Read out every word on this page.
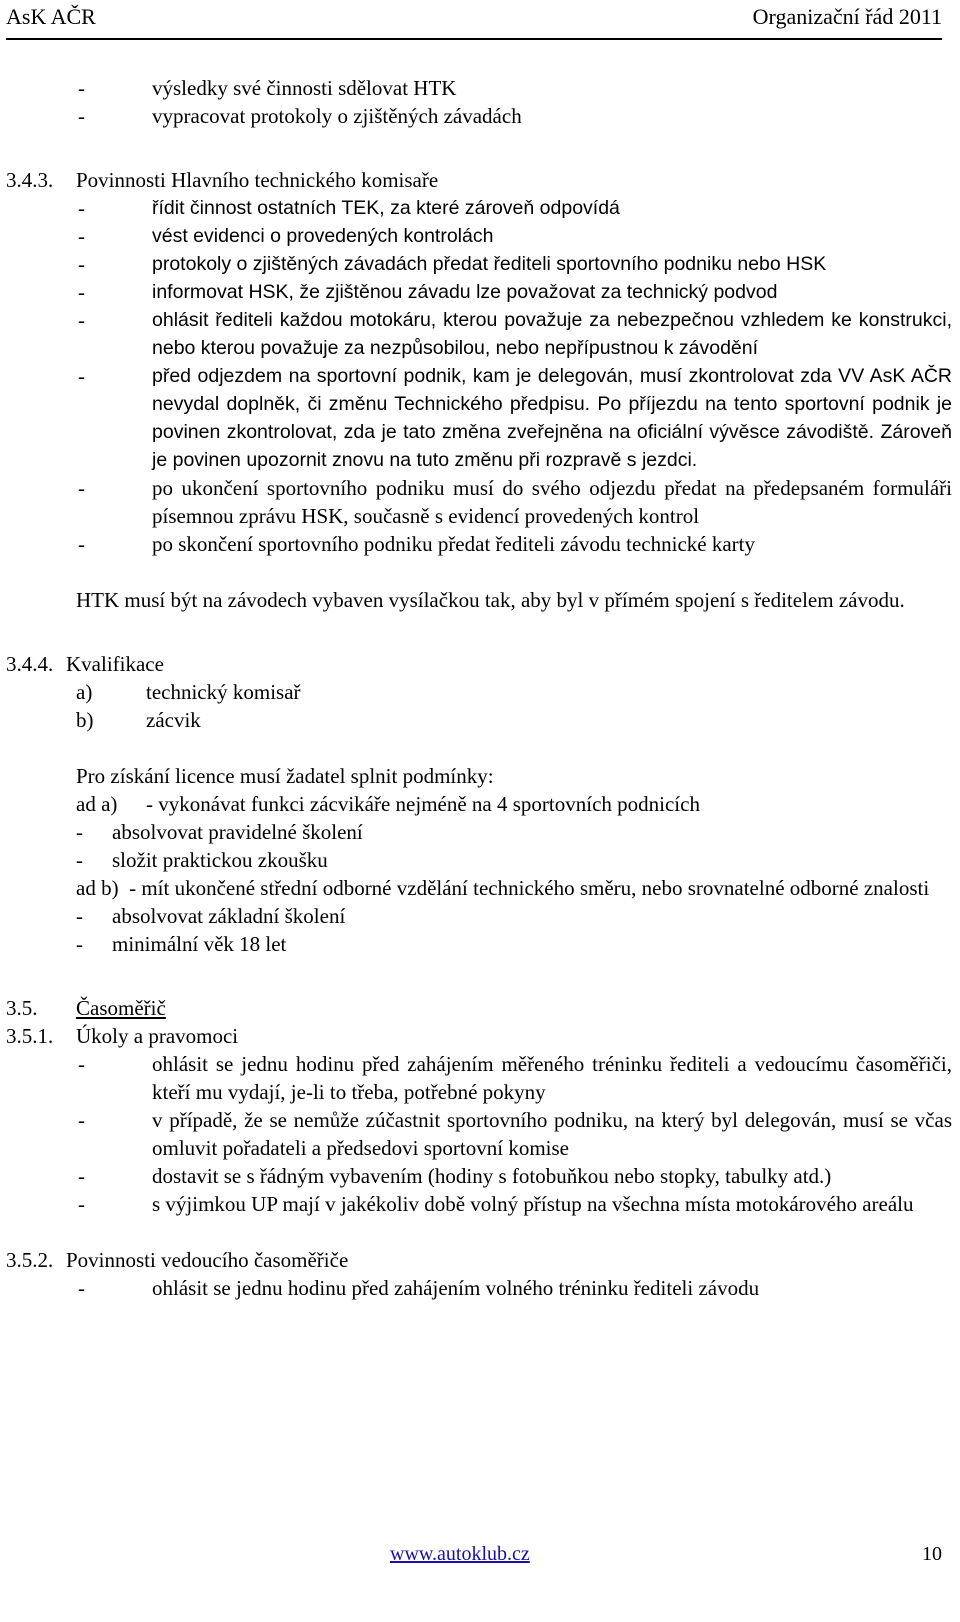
AsK AČR	Organizační řád 2011
-	výsledky své činnosti sdělovat HTK
-	vypracovat protokoly o zjištěných závadách
3.4.3. Povinnosti Hlavního technického komisaře
-	řídit činnost ostatních TEK, za které zároveň odpovídá
-	vést evidenci o provedených kontrolách
-	protokoly o zjištěných závadách předat řediteli sportovního podniku nebo HSK
-	informovat HSK, že zjištěnou závadu lze považovat za technický podvod
-	ohlásit řediteli každou motokáru, kterou považuje za nebezpečnou vzhledem ke konstrukci, nebo kterou považuje za nezpůsobilou, nebo nepřípustnou k závodění
-	před odjezdem na sportovní podnik, kam je delegován, musí zkontrolovat zda VV AsK AČR nevydal doplněk, či změnu Technického předpisu. Po příjezdu na tento sportovní podnik je povinen zkontrolovat, zda je tato změna zveřejněna na oficiální vývěsce závodiště. Zároveň je povinen upozornit znovu na tuto změnu při rozpravě s jezdci.
-	po ukončení sportovního podniku musí do svého odjezdu předat na předepsaném formuláři písemnou zprávu HSK, současně s evidencí provedených kontrol
-	po skončení sportovního podniku předat řediteli závodu technické karty
HTK musí být na závodech vybaven vysílačkou tak, aby byl v přímém spojení s ředitelem závodu.
3.4.4. Kvalifikace
a)	technický komisař
b)	zácvik
Pro získání licence musí žadatel splnit podmínky:
ad a) - vykonávat funkci zácvikáře nejméně na 4 sportovních podnicích
- absolvovat pravidelné školení
- složit praktickou zkoušku
ad b) - mít ukončené střední odborné vzdělání technického směru, nebo srovnatelné odborné znalosti
- absolvovat základní školení
- minimální věk 18 let
3.5. Časoměřič
3.5.1. Úkoly a pravomoci
-	ohlásit se jednu hodinu před zahájením měřeného tréninku řediteli a vedoucímu časoměřiči, kteří mu vydají, je-li to třeba, potřebné pokyny
-	v případě, že se nemůže zúčastnit sportovního podniku, na který byl delegován, musí se včas omluvit pořadateli a předsedovi sportovní komise
-	dostavit se s řádným vybavením (hodiny s fotobuňkou nebo stopky, tabulky atd.)
-	s výjimkou UP mají v jakékoliv době volný přístup na všechna místa motokárového areálu
3.5.2. Povinnosti vedoucího časoměřiče
-	ohlásit se jednu hodinu před zahájením volného tréninku řediteli závodu
www.autoklub.cz	10
